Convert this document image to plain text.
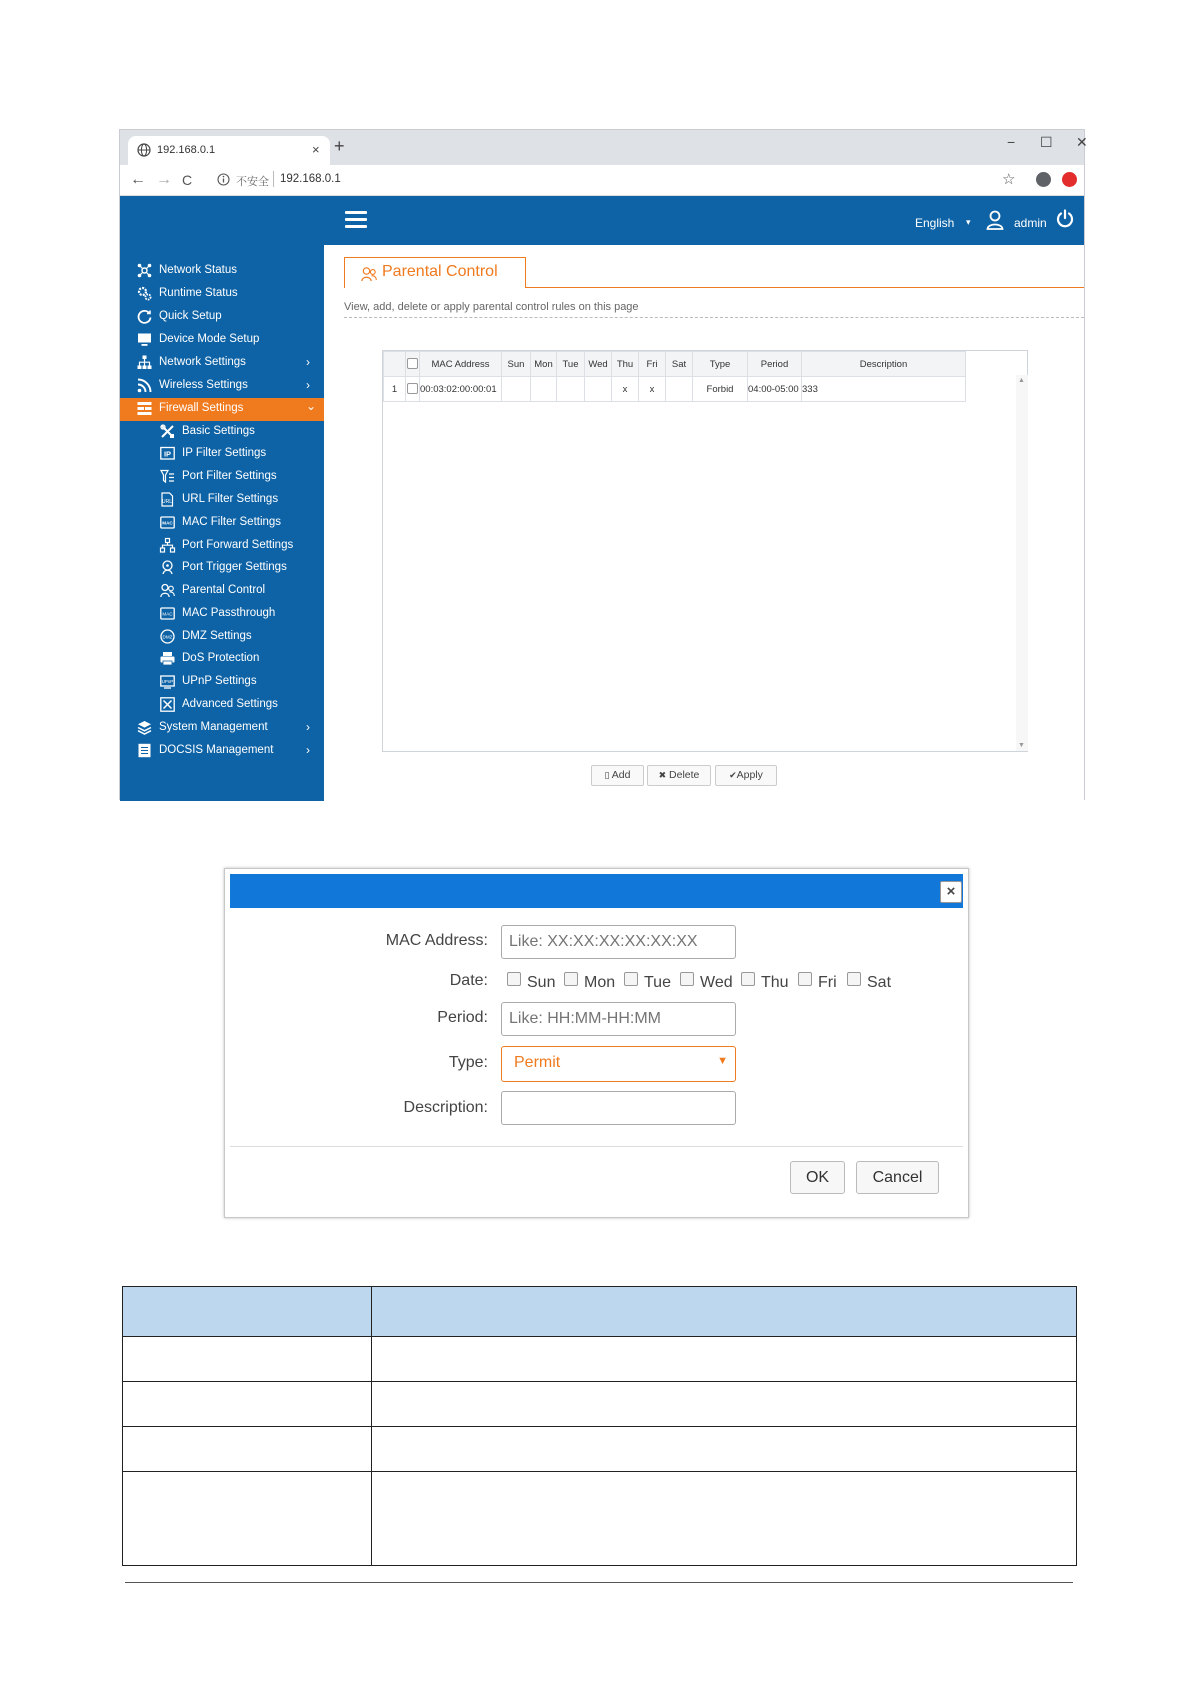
192.168.0.1	× +	− ☐ ✕
← → C	不安全 192.168.0.1	☆
English ▾	admin
Network Status
Runtime Status
Quick Setup
Device Mode Setup
Network Settings	›
Wireless Settings	›
Firewall Settings	⌄
Basic Settings
IP IP Filter Settings
Port Filter Settings
URL URL Filter Settings
MAC MAC Filter Settings
Port Forward Settings
Port Trigger Settings
Parental Control
MAC MAC Passthrough
DMZ DMZ Settings
DoS Protection
UPnP UPnP Settings
Advanced Settings
System Management	›
DOCSIS Management	›
Parental Control
View, add, delete or apply parental control rules on this page
		MAC Address	Sun	Mon	Tue	Wed	Thu	Fri	Sat	Type	Period	Description
1		00:03:02:00:00:01					x	x		Forbid	04:00-05:00	333
▲
▼
▯ Add	✖ Delete	✔Apply
×
MAC Address:
Like: XX:XX:XX:XX:XX:XX
Date:	Sun	Mon	Tue	Wed	Thu	Fri	Sat
Period:
Like: HH:MM-HH:MM
Type:	Permit	▼
Description:
OK	Cancel
